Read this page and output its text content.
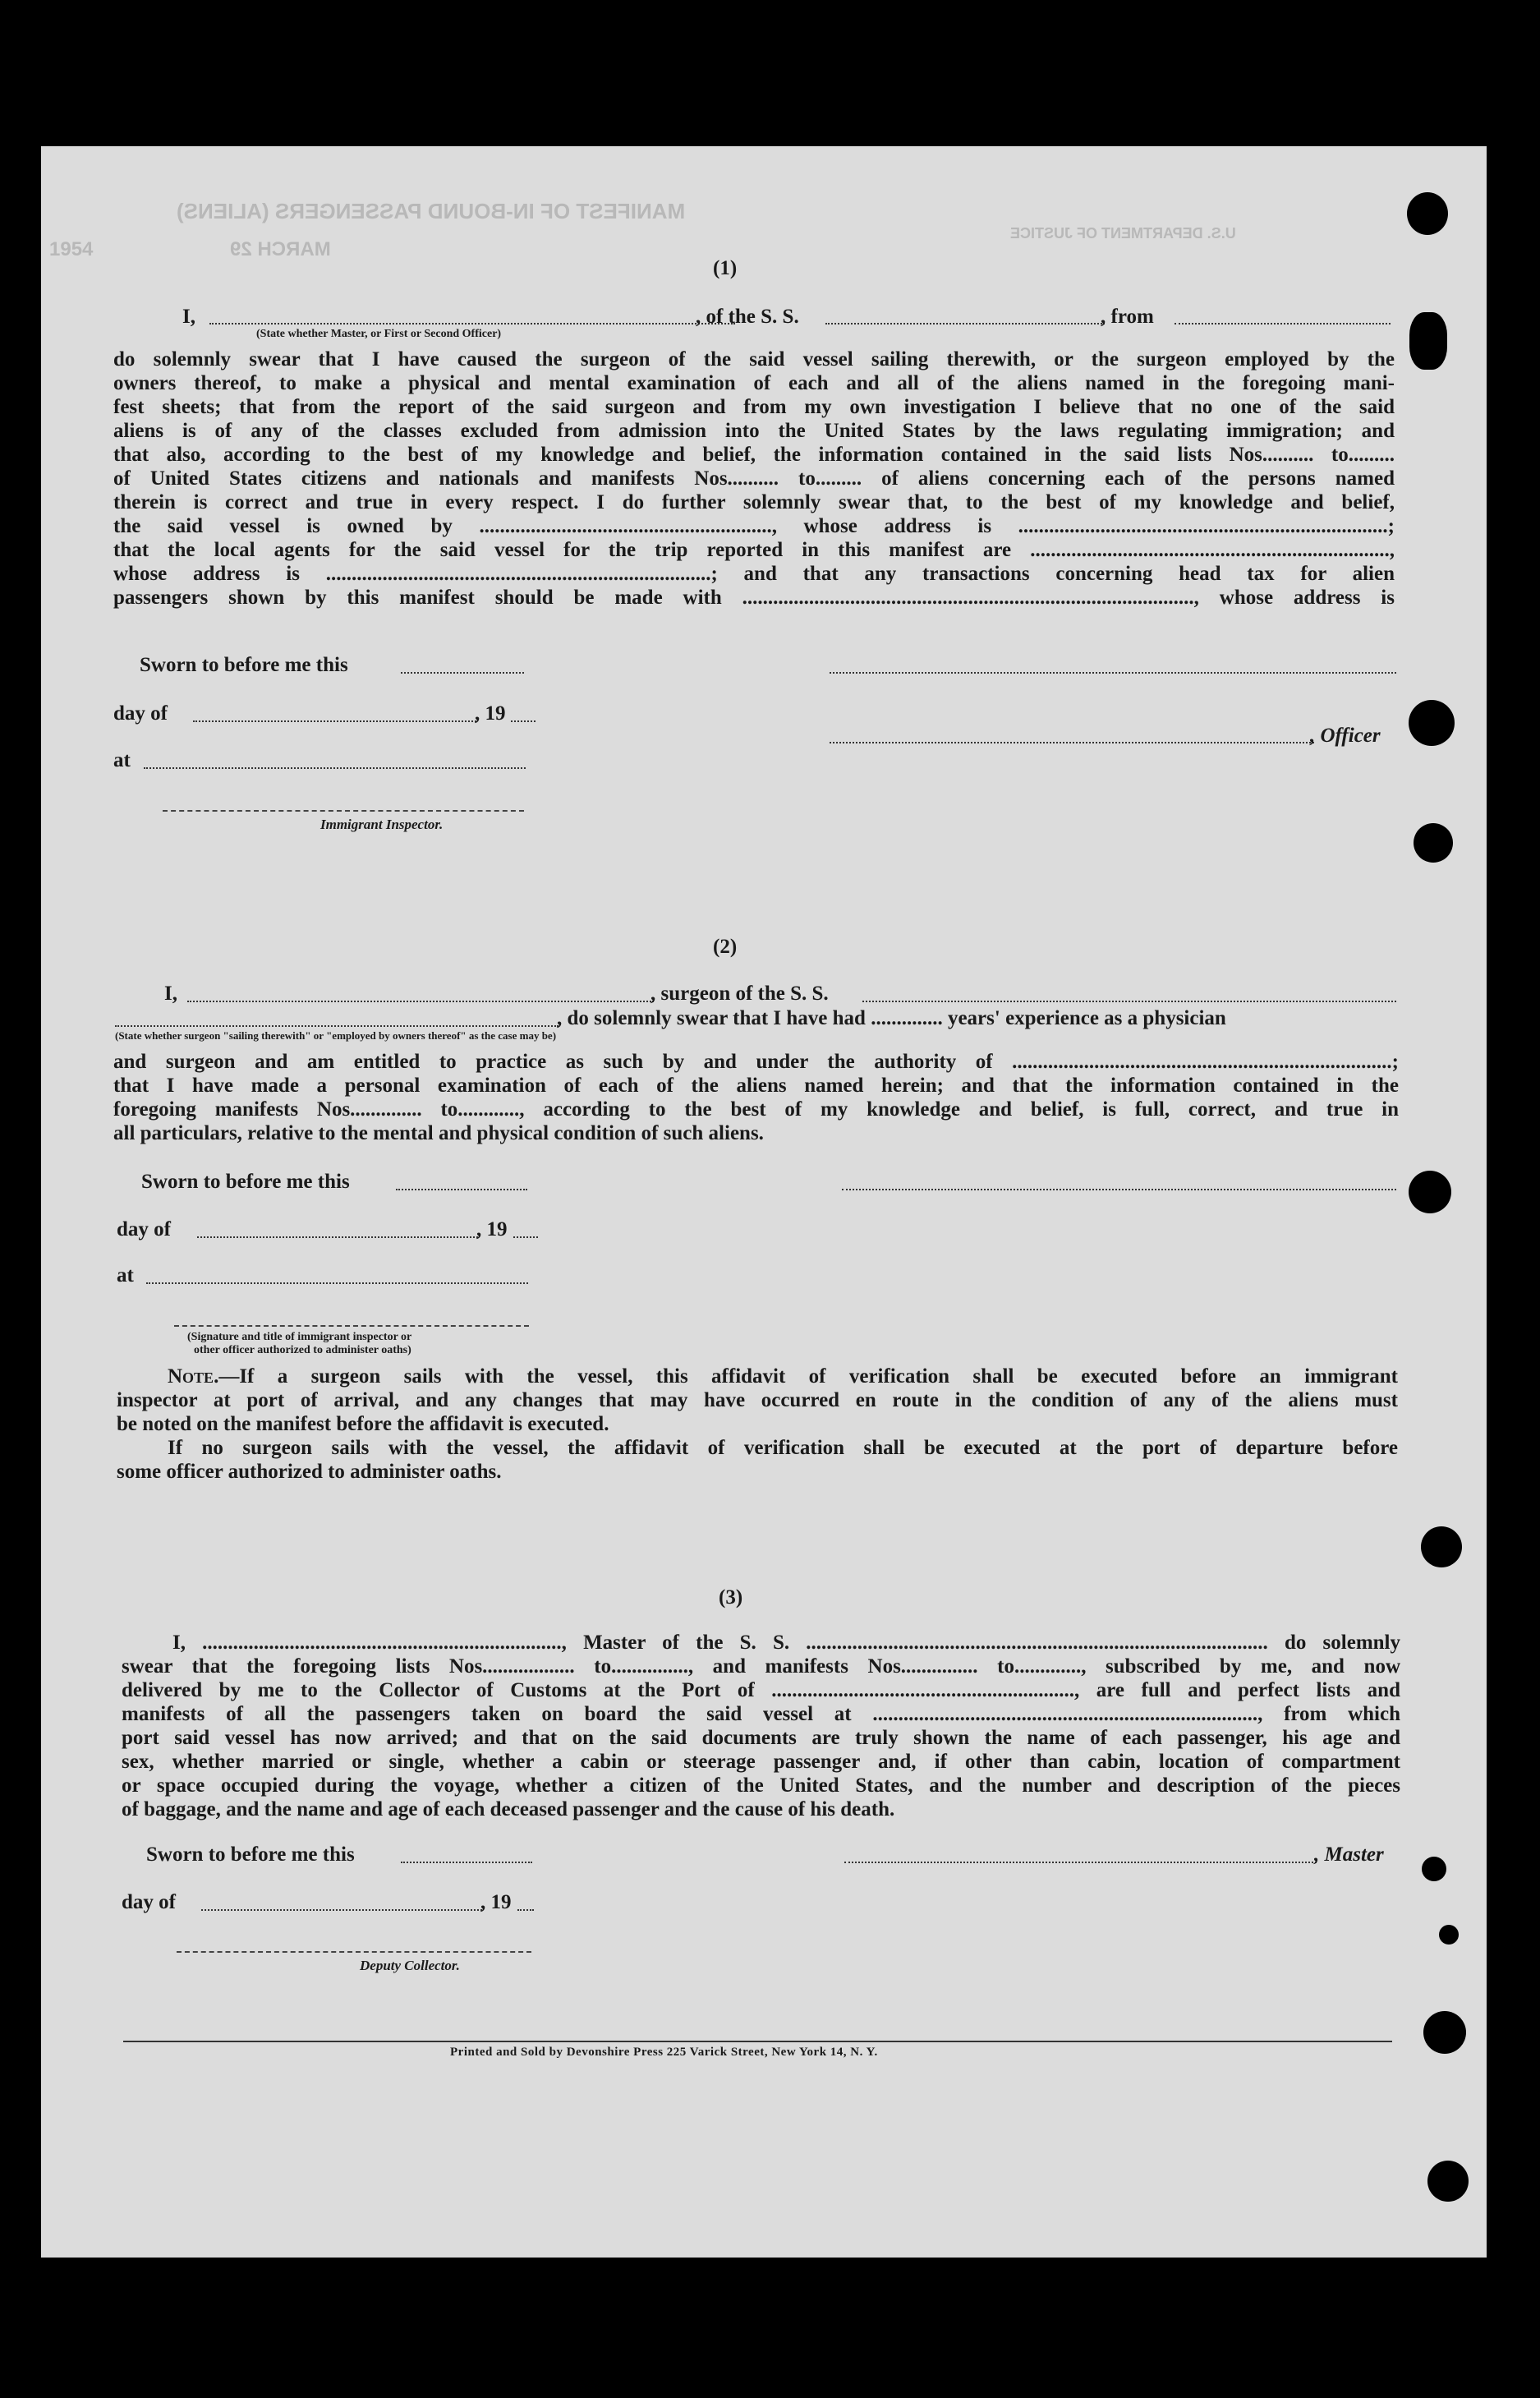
MANIFEST OF IN-BOUND PASSENGERS (ALIENS)
MARCH 29
1954
U.S. DEPARTMENT OF JUSTICE
(1)
I,	, of the S. S.	, from
(State whether Master, or First or Second Officer)
do solemnly swear that I have caused the surgeon of the said vessel sailing therewith, or the surgeon employed by the
owners thereof, to make a physical and mental examination of each and all of the aliens named in the foregoing mani-
fest sheets; that from the report of the said surgeon and from my own investigation I believe that no one of the said
aliens is of any of the classes excluded from admission into the United States by the laws regulating immigration; and
that also, according to the best of my knowledge and belief, the information contained in the said lists Nos.......... to.........
of United States citizens and nationals and manifests Nos.......... to......... of aliens concerning each of the persons named
therein is correct and true in every respect. I do further solemnly swear that, to the best of my knowledge and belief,
the said vessel is owned by ........................................................., whose address is ........................................................................;
that the local agents for the said vessel for the trip reported in this manifest are ......................................................................,
whose address is ...........................................................................; and that any transactions concerning head tax for alien
passengers shown by this manifest should be made with ........................................................................................, whose address is
Sworn to before me this
day of	, 19
at
, Officer
Immigrant Inspector.
(2)
I,	, surgeon of the S. S.
, do solemnly swear that I have had .............. years' experience as a physician
(State whether surgeon "sailing therewith" or "employed by owners thereof" as the case may be)
and surgeon and am entitled to practice as such by and under the authority of ..........................................................................;
that I have made a personal examination of each of the aliens named herein; and that the information contained in the
foregoing manifests Nos.............. to............, according to the best of my knowledge and belief, is full, correct, and true in
all particulars, relative to the mental and physical condition of such aliens.
Sworn to before me this
day of	, 19
at
(Signature and title of immigrant inspector or
other officer authorized to administer oaths)
Note.—If a surgeon sails with the vessel, this affidavit of verification shall be executed before an immigrant
inspector at port of arrival, and any changes that may have occurred en route in the condition of any of the aliens must
be noted on the manifest before the affidavit is executed.
If no surgeon sails with the vessel, the affidavit of verification shall be executed at the port of departure before
some officer authorized to administer oaths.
(3)
I, ......................................................................, Master of the S. S. .......................................................................................... do solemnly
swear that the foregoing lists Nos.................. to..............., and manifests Nos............... to............., subscribed by me, and now
delivered by me to the Collector of Customs at the Port of ..........................................................., are full and perfect lists and
manifests of all the passengers taken on board the said vessel at ..........................................................................., from which
port said vessel has now arrived; and that on the said documents are truly shown the name of each passenger, his age and
sex, whether married or single, whether a cabin or steerage passenger and, if other than cabin, location of compartment
or space occupied during the voyage, whether a citizen of the United States, and the number and description of the pieces
of baggage, and the name and age of each deceased passenger and the cause of his death.
Sworn to before me this	, Master
day of	, 19
Deputy Collector.
Printed and Sold by Devonshire Press 225 Varick Street, New York 14, N. Y.
